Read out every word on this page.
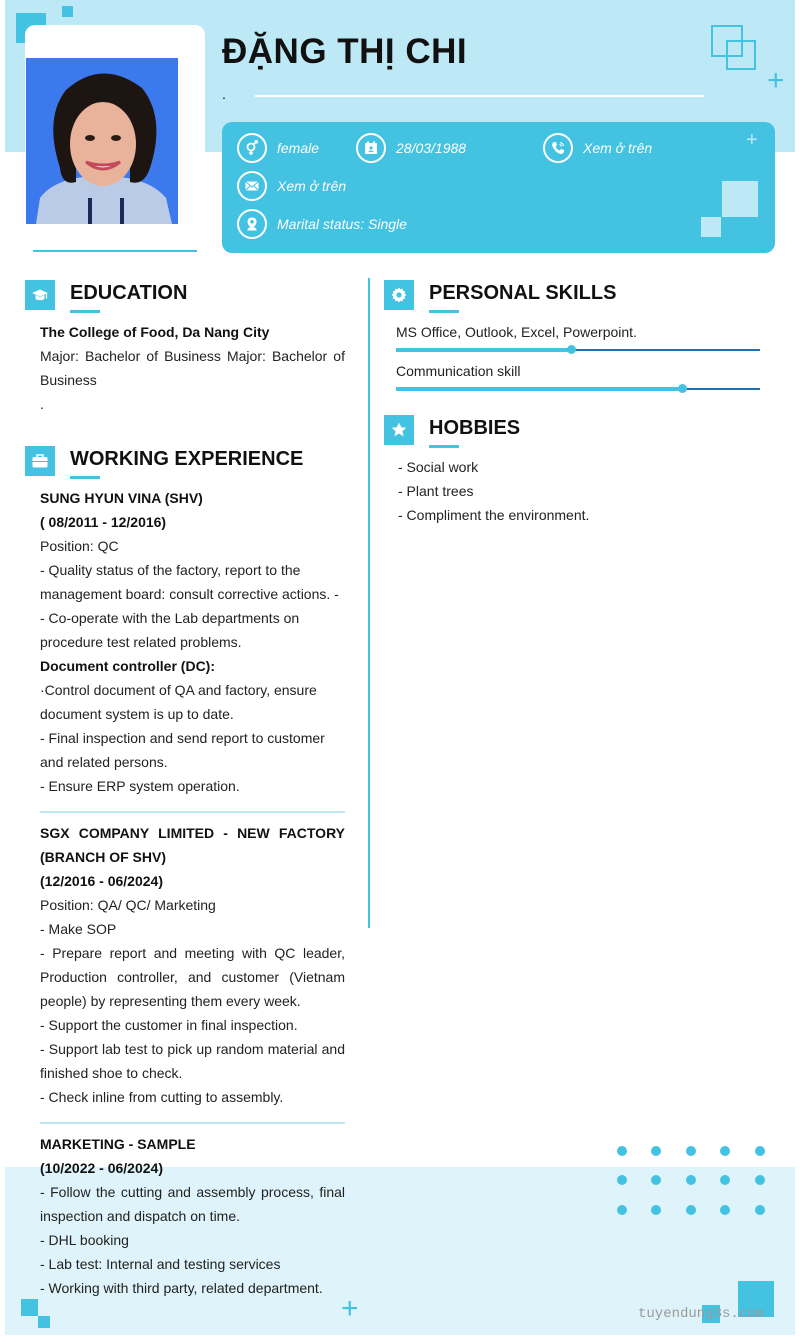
ĐẶNG THỊ CHI
.	+
female	28/03/1988	Xem ở trên
Xem ở trên
Marital status: Single
+
EDUCATION
The College of Food, Da Nang City
Major: Bachelor of Business Major: Bachelor of Business
.
WORKING EXPERIENCE
SUNG HYUN VINA (SHV)
( 08/2011 - 12/2016)
Position: QC
- Quality status of the factory, report to the management board: consult corrective actions. -
- Co-operate with the Lab departments on procedure test related problems.
Document controller (DC):
·Control document of QA and factory, ensure document system is up to date.
- Final inspection and send report to customer and related persons.
- Ensure ERP system operation.
SGX COMPANY LIMITED - NEW FACTORY (BRANCH OF SHV)
(12/2016 - 06/2024)
Position: QA/ QC/ Marketing
- Make SOP
- Prepare report and meeting with QC leader, Production controller, and customer (Vietnam people) by representing them every week.
- Support the customer in final inspection.
- Support lab test to pick up random material and finished shoe to check.
- Check inline from cutting to assembly.
MARKETING - SAMPLE
(10/2022 - 06/2024)
- Follow the cutting and assembly process, final inspection and dispatch on time.
- DHL booking
- Lab test: Internal and testing services
- Working with third party, related department.
PERSONAL SKILLS
MS Office, Outlook, Excel, Powerpoint.
Communication skill
HOBBIES
- Social work
- Plant trees
- Compliment the environment.
+	tuyendung3s.com
